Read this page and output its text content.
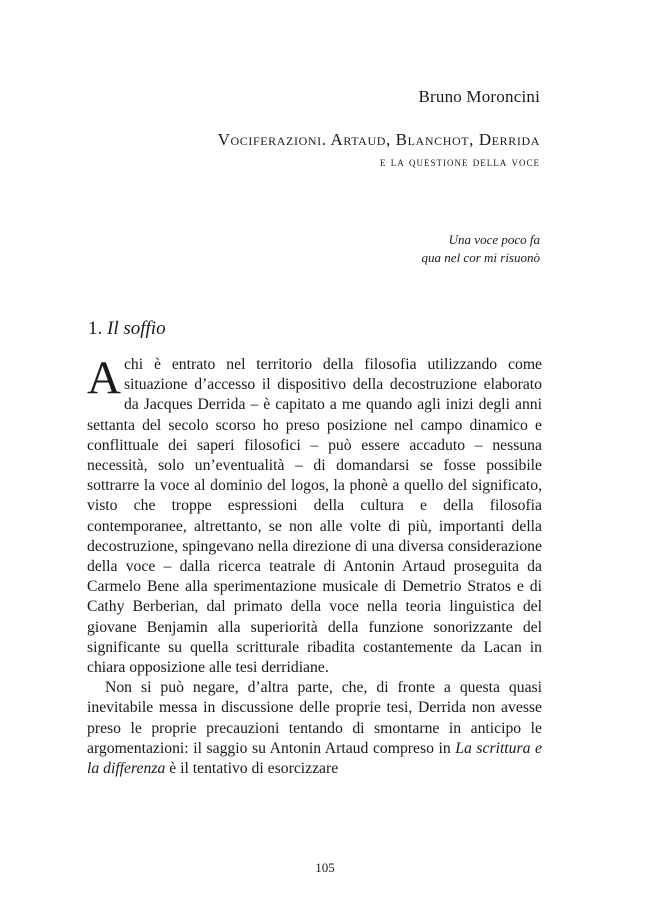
Bruno Moroncini
Vociferazioni. Artaud, Blanchot, Derrida
e la questione della voce
Una voce poco fa
qua nel cor mi risuonò
1. Il soffio

Achi è entrato nel territorio della filosofia utilizzando come situazione d’accesso il dispositivo della decostruzione elaborato da Jacques Derrida – è capitato a me quando agli inizi degli anni settanta del secolo scorso ho preso posizione nel campo dinamico e conflittuale dei saperi filosofici – può essere accaduto – nessuna necessità, solo un’eventualità – di domandarsi se fosse possibile sottrarre la voce al dominio del logos, la phonè a quello del significato, visto che troppe espressioni della cultura e della filosofia contemporanee, altrettanto, se non alle volte di più, importanti della decostruzione, spingevano nella direzione di una diversa considerazione della voce – dalla ricerca teatrale di Antonin Artaud proseguita da Carmelo Bene alla sperimentazione musicale di Demetrio Stratos e di Cathy Berberian, dal primato della voce nella teoria linguistica del giovane Benjamin alla superiorità della funzione sonorizzante del significante su quella scritturale ribadita costantemente da Lacan in chiara opposizione alle tesi derridiane.

Non si può negare, d’altra parte, che, di fronte a questa quasi inevitabile messa in discussione delle proprie tesi, Derrida non avesse preso le proprie precauzioni tentando di smontarne in anticipo le argomentazioni: il saggio su Antonin Artaud compreso in La scrittura e la differenza è il tentativo di esorcizzare

105
